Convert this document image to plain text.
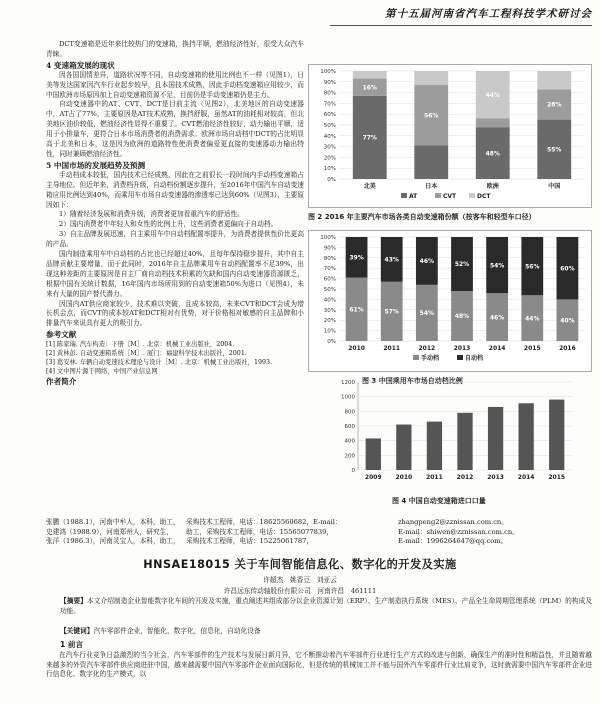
第十五届河南省汽车工程科技学术研讨会

DCT变速箱是近年来比较热门的变速箱，换挡平顺，燃油经济性好，很受大众汽车青睐。

4 变速箱发展的现状

因各国国情差异，道路状况等不同，自动变速箱的使用比例也不一样（见图1），日美等发达国家因汽车行业起步较早，且本国技术成熟，因此手动档变速箱应用较少，而中国欧洲市场原因加上自动变速箱资源不足，目前仍是手动变速箱仍是主力。

自动变速器中的AT、CVT、DCT是目前主流（见图2），北美地区的自动变速器中，AT占了77%，主要原因是AT技术成熟，换挡舒服，虽然AT的油耗相对较高，但北美地区油价较低，燃油经济性显得不重要了。CVT燃油经济性较好，动力输出平顺，适用于小排量车，更符合日本市场消费者的消费需求。欧洲市场自动档中DCT的占比明显高于北美和日本，这是因为欧洲的道路特性使消费者偏爱更直接的变速器动力输出特性，同时兼顾燃油经济性。

5 中国市场的发展趋势及预测

手动档成本较低，国内技术已经成熟，因此在之前很长一段时间内手动档变速箱占主导地位。但近年来，消费档升级，自动档份额逐步提升，至2016年中国汽车自动变速箱应用比例达到40%，而乘用车市场自动变速器的渗透率已达到60%（见图3），主要原因如下：

1）随着经济发展和消费升级，消费者更加看重汽车的舒适性。

2）国内消费者中年轻人和女性的比例上升，这些消费者更偏向于自动档。

3）自主品牌发展迅速，自主乘用车中自动档配置率提升，为消费者提供性价比更高的产品。

国内制造乘用车中自动档的占比也已经超过40%，且每年保持稳步提升，其中自主品牌贡献主要增量，而于此同时，2016年自主品牌乘用车自动档配置率不足39%，出现这种差距的主要原因是自主厂商自动档技术积累的欠缺和国内自动变速器资源匮乏，根据中国有关统计数据，16年国内市场所用到的自动变速箱50%为进口（见图4），未来有大量的国产替代潜力。

因国内AT供应商家较少，技术难以突破，且成本较高，未来CVT和DCT会成为增长机会点，而CVT的成本较AT和DCT相对有优势，对于价格相对敏感的自主品牌和小排量汽车来说具有更大的吸引力。

参考文献

[1] 陈家瑞. 汽车构造：下册［M］. 北京：机械工业出版社，2004.

[2] 黄林彭. 自动变速箱系统［M］. 厦门：福建科学技术出版社，2001.

[3] 葛安林. 车辆自动变速技术理论与设计［M］. 北京：机械工业出版社，1993.

[4] 文中图片源于网络，中国产业信息网

作者简介

0%
10%
20%
30%
40%
50%
60%
70%
80%
90%
100%
77%
16%
北美
56%
日本
48%
44%
欧洲
55%
28%
中国
AT	CVT	DCT
图 2 2016 年主要汽车市场各类自动变速箱份额（按客车和轻型车口径）
0%
10%
20%
30%
40%
50%
60%
70%
80%
90%
100%
61%
39%
2010
57%
43%
2011
54%
46%
2012
48%
52%
2013
46%
54%
2014
44%
56%
2015
40%
60%
2016
手动档	自动档
图 3 中国乘用车市场自动档比例
0
200
400
600
800
1000
1200
2009 2010 2011 2012 2013 2014 2015
图 4 中国自动变速箱进口口量
张鹏（1988.1），河南中牟人，本科，助工， 采购技术工程师，电话：18625560682，E-mail：	zhangpeng2@zznissan.com.cn。
史建鸿（1988.9），河南郑州人，研究生，	助工，采购技术工程师，电话：15565077839，	E-mail：shiwen@zznissan.com.cn。
张洋（1986.3），河南灵宝人，本科，助工， 采购技术工程师，电话：15225061787，	E-mail：1996264647@qq.com。
HNSAE18015 关于车间智能信息化、数字化的开发及实施
许超杰　姚香豆　刘亚云
许昌远东传动轴股份有限公司　河南许昌　461111
【摘要】本文介绍制造企业智能数字化车间的开发及实施，重点阐述其组成部分以企业资源计划（ERP）、生产制造执行系统（MES）、产品全生命周期管理系统（PLM）的构成及功能。
【关键词】汽车零部件企业，智能化，数字化，信息化，自动化设备
1 前言
在汽车行业竞争日益激烈的当今社会，汽车零部件的生产技术与发展日新月异，它不断推动着汽车零部件行业进行生产方式的改进与创新，确保生产的准时性和精益性，并且随着越来越多的外资汽车零部件供应商进驻中国，越来越需要中国汽车零部件企业面向国际化，但是传统的机械加工并不能与国外汽车零部件行业比肩竞争，这时就需要中国汽车零部件企业进行信息化、数字化的生产模式，以
